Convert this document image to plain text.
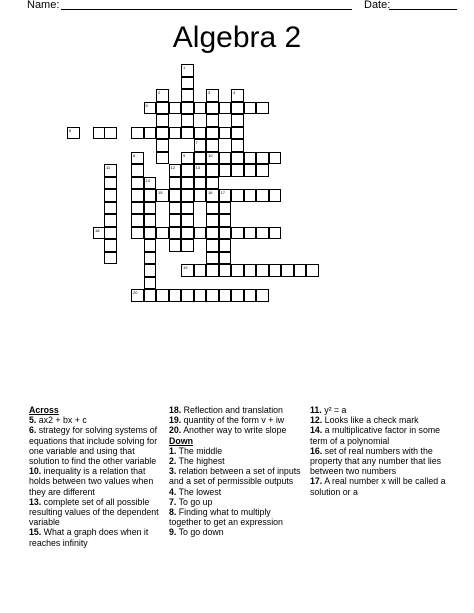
Name:	Date:
Algebra 2
5
6
10
13
15	16 17
18
19
20
1
2	3	4
7
8	9
11	12
14

Across

5. ax2 + bx + c

6. strategy for solving systems of equations that include solving for one variable and using that solution to find the other variable

10. inequality is a relation that holds between two values when they are different

13. complete set of all possible resulting values of the dependent variable

15. What a graph does when it reaches infinity

18. Reflection and translation

19. quantity of the form v + iw

20. Another way to write slope

Down

1. The middle

2. The highest

3. relation between a set of inputs and a set of permissible outputs

4. The lowest

7. To go up

8. Finding what to multiply together to get an expression

9. To go down

11. y² = a

12. Looks like a check mark

14. a multiplicative factor in some term of a polynomial

16. set of real numbers with the property that any number that lies between two numbers

17. A real number x will be called a solution or a
